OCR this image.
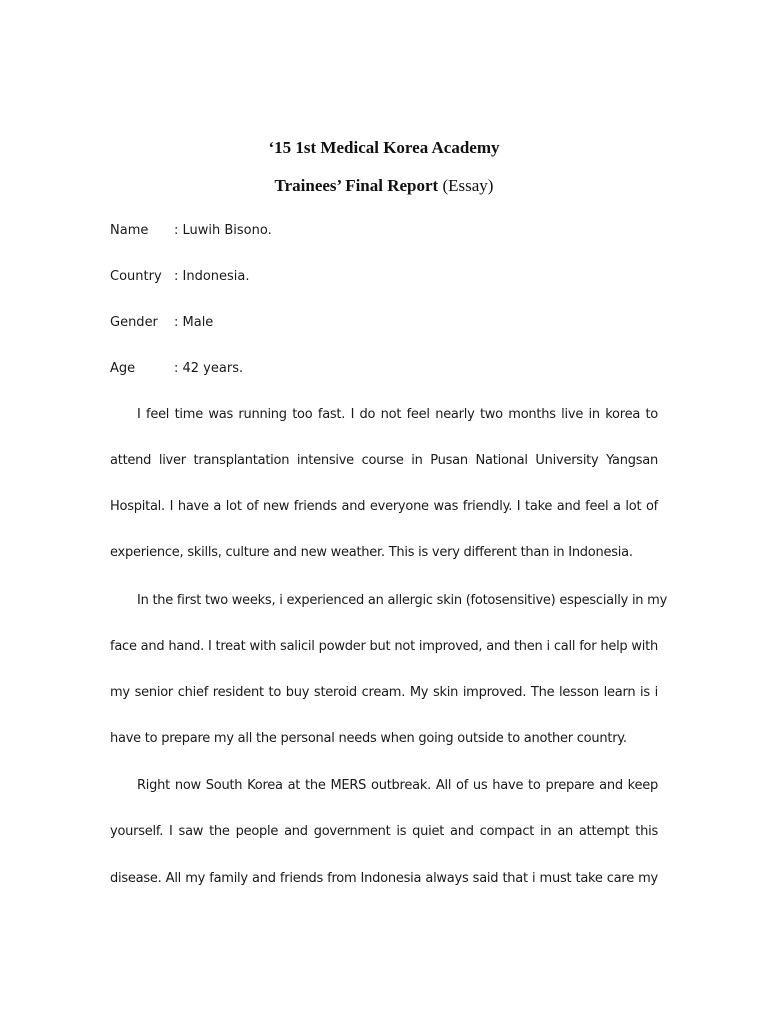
‘15 1st Medical Korea Academy
Trainees’ Final Report (Essay)
Name : Luwih Bisono.
Country : Indonesia.
Gender : Male
Age	: 42 years.
I feel time was running too fast. I do not feel nearly two months live in korea to
attend liver transplantation intensive course in Pusan National University Yangsan
Hospital. I have a lot of new friends and everyone was friendly. I take and feel a lot of
experience, skills, culture and new weather. This is very different than in Indonesia.
In the first two weeks, i experienced an allergic skin (fotosensitive) espescially in my
face and hand. I treat with salicil powder but not improved, and then i call for help with
my senior chief resident to buy steroid cream. My skin improved. The lesson learn is i
have to prepare my all the personal needs when going outside to another country.
Right now South Korea at the MERS outbreak. All of us have to prepare and keep
yourself. I saw the people and government is quiet and compact in an attempt this
disease. All my family and friends from Indonesia always said that i must take care my
